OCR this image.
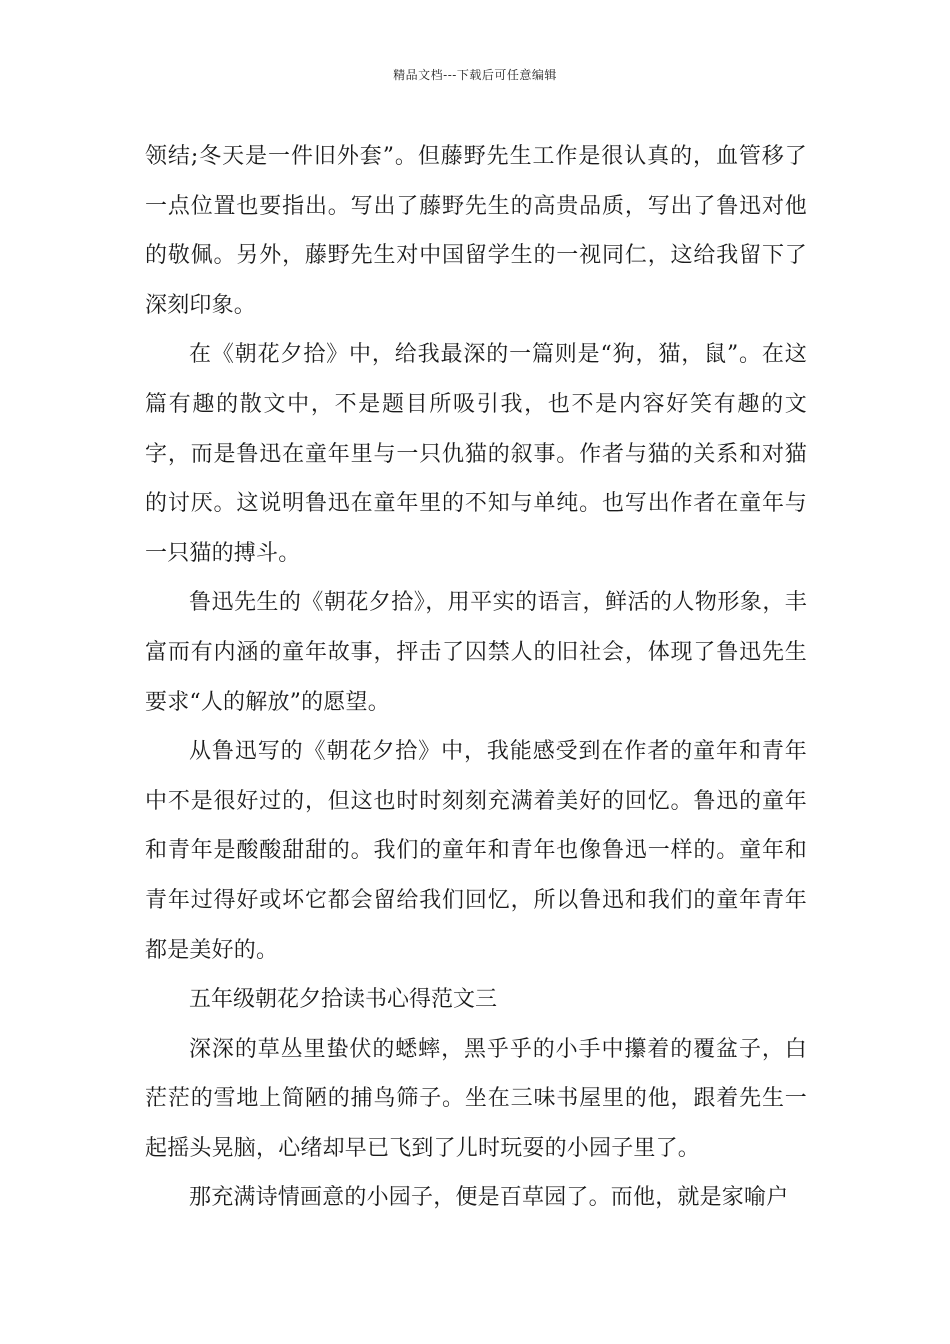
精品文档---下载后可任意编辑

领结;冬天是一件旧外套”。但藤野先生工作是很认真的，血管移了一点位置也要指出。写出了藤野先生的高贵品质，写出了鲁迅对他的敬佩。另外，藤野先生对中国留学生的一视同仁，这给我留下了深刻印象。

在《朝花夕拾》中，给我最深的一篇则是“狗，猫，鼠”。在这篇有趣的散文中，不是题目所吸引我，也不是内容好笑有趣的文字，而是鲁迅在童年里与一只仇猫的叙事。作者与猫的关系和对猫的讨厌。这说明鲁迅在童年里的不知与单纯。也写出作者在童年与一只猫的搏斗。

鲁迅先生的《朝花夕拾》，用平实的语言，鲜活的人物形象，丰富而有内涵的童年故事，抨击了囚禁人的旧社会，体现了鲁迅先生要求“人的解放”的愿望。

从鲁迅写的《朝花夕拾》中，我能感受到在作者的童年和青年中不是很好过的，但这也时时刻刻充满着美好的回忆。鲁迅的童年和青年是酸酸甜甜的。我们的童年和青年也像鲁迅一样的。童年和青年过得好或坏它都会留给我们回忆，所以鲁迅和我们的童年青年都是美好的。

五年级朝花夕拾读书心得范文三

深深的草丛里蛰伏的蟋蟀，黑乎乎的小手中攥着的覆盆子，白茫茫的雪地上简陋的捕鸟筛子。坐在三味书屋里的他，跟着先生一起摇头晃脑，心绪却早已飞到了儿时玩耍的小园子里了。

那充满诗情画意的小园子，便是百草园了。而他，就是家喻户
